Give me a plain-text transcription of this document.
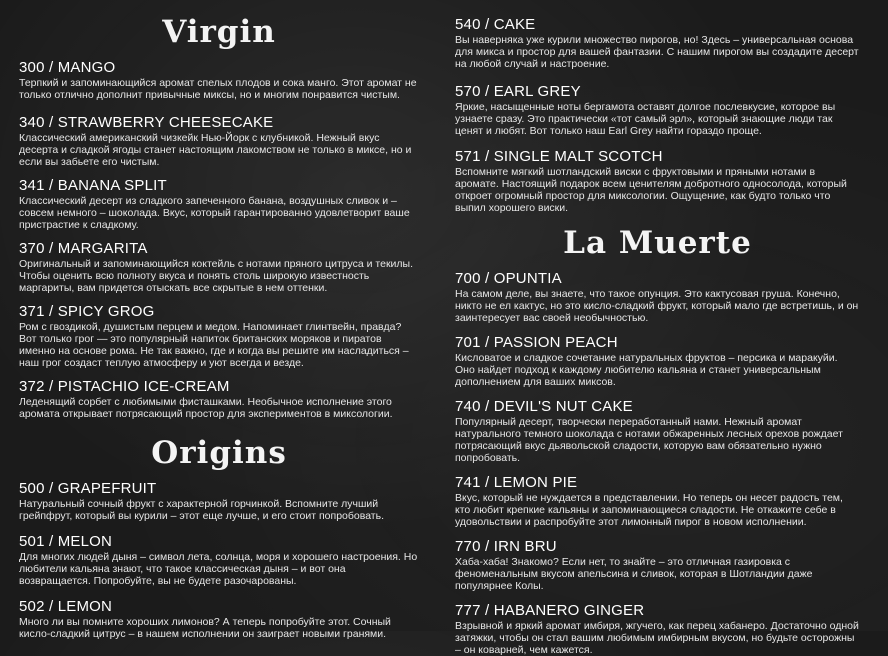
Virgin
300 / MANGO
Терпкий и запоминающийся аромат спелых плодов и сока манго. Этот аромат не только отлично дополнит привычные миксы, но и многим понравится чистым.
340 / STRAWBERRY CHEESECAKE
Классический американский чизкейк Нью-Йорк с клубникой. Нежный вкус десерта и сладкой ягоды станет настоящим лакомством не только в миксе, но и если вы забьете его чистым.
341 / BANANA SPLIT
Классический десерт из сладкого запеченного банана, воздушных сливок и – совсем немного – шоколада. Вкус, который гарантированно удовлетворит ваше пристрастие к сладкому.
370 / MARGARITA
Оригинальный и запоминающийся коктейль с нотами пряного цитруса и текилы. Чтобы оценить всю полноту вкуса и понять столь широкую известность маргариты, вам придется отыскать все скрытые в нем оттенки.
371 / SPICY GROG
Ром с гвоздикой, душистым перцем и медом. Напоминает глинтвейн, правда? Вот только грог — это популярный напиток британских моряков и пиратов именно на основе рома. Не так важно, где и когда вы решите им насладиться – наш грог создаст теплую атмосферу и уют всегда и везде.
372 / PISTACHIO ICE-CREAM
Леденящий сорбет с любимыми фисташками. Необычное исполнение этого аромата открывает потрясающий простор для экспериментов в миксологии.
Origins
500 / GRAPEFRUIT
Натуральный сочный фрукт с характерной горчинкой. Вспомните лучший грейпфрут, который вы курили – этот еще лучше, и его стоит попробовать.
501 / MELON
Для многих людей дыня – символ лета, солнца, моря и хорошего настроения. Но любители кальяна знают, что такое классическая дыня – и вот она возвращается. Попробуйте, вы не будете разочарованы.
502 / LEMON
Много ли вы помните хороших лимонов? А теперь попробуйте этот. Сочный кисло-сладкий цитрус – в нашем исполнении он заиграет новыми гранями.
540 / CAKE
Вы наверняка уже курили множество пирогов, но! Здесь – универсальная основа для микса и простор для вашей фантазии. С нашим пирогом вы создадите десерт на любой случай и настроение.
570 / EARL GREY
Яркие, насыщенные ноты бергамота оставят долгое послевкусие, которое вы узнаете сразу. Это практически «тот самый эрл», который знающие люди так ценят и любят. Вот только наш Earl Grey найти гораздо проще.
571 / SINGLE MALT SCOTCH
Вспомните мягкий шотландский виски с фруктовыми и пряными нотами в аромате. Настоящий подарок всем ценителям добротного односолода, который откроет огромный простор для миксологии. Ощущение, как будто только что выпил хорошего виски.
La Muerte
700 / OPUNTIA
На самом деле, вы знаете, что такое опунция. Это кактусовая груша. Конечно, никто не ел кактус, но это кисло-сладкий фрукт, который мало где встретишь, и он заинтересует вас своей необычностью.
701 / PASSION PEACH
Кисловатое и сладкое сочетание натуральных фруктов – персика и маракуйи. Оно найдет подход к каждому любителю кальяна и станет универсальным дополнением для ваших миксов.
740 / DEVIL'S NUT CAKE
Популярный десерт, творчески переработанный нами. Нежный аромат натурального темного шоколада с нотами обжаренных лесных орехов рождает потрясающий вкус дьявольской сладости, которую вам обязательно нужно попробовать.
741 / LEMON PIE
Вкус, который не нуждается в представлении. Но теперь он несет радость тем, кто любит крепкие кальяны и запоминающиеся сладости. Не откажите себе в удовольствии и распробуйте этот лимонный пирог в новом исполнении.
770 / IRN BRU
Хаба-хаба! Знакомо? Если нет, то знайте – это отличная газировка с феноменальным вкусом апельсина и сливок, которая в Шотландии даже популярнее Колы.
777 / HABANERO GINGER
Взрывной и яркий аромат имбиря, жгучего, как перец хабанеро. Достаточно одной затяжки, чтобы он стал вашим любимым имбирным вкусом, но будьте осторожны – он коварней, чем кажется.
